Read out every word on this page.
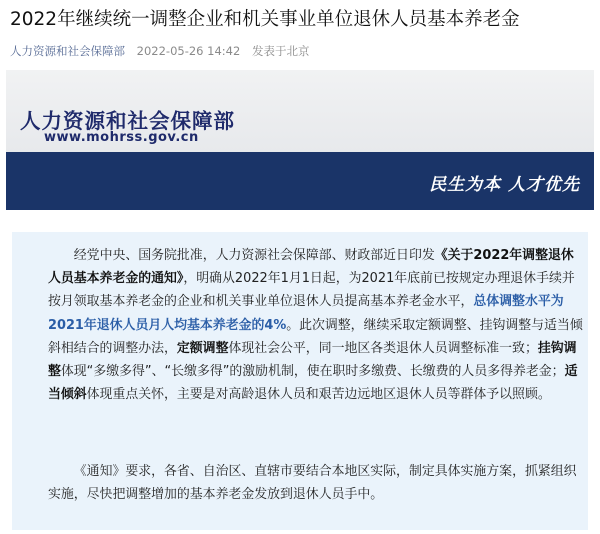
2022年继续统一调整企业和机关事业单位退休人员基本养老金
人力资源和社会保障部 2022-05-26 14:42 发表于北京
人力资源和社会保障部
www.mohrss.gov.cn
民生为本 人才优先
经党中央、国务院批准，人力资源社会保障部、财政部近日印发《关于2022年调整退休人员基本养老金的通知》，明确从2022年1月1日起，为2021年底前已按规定办理退休手续并按月领取基本养老金的企业和机关事业单位退休人员提高基本养老金水平，总体调整水平为2021年退休人员月人均基本养老金的4%。此次调整，继续采取定额调整、挂钩调整与适当倾斜相结合的调整办法，定额调整体现社会公平，同一地区各类退休人员调整标准一致；挂钩调整体现“多缴多得”、“长缴多得”的激励机制，使在职时多缴费、长缴费的人员多得养老金；适当倾斜体现重点关怀，主要是对高龄退休人员和艰苦边远地区退休人员等群体予以照顾。
《通知》要求，各省、自治区、直辖市要结合本地区实际，制定具体实施方案，抓紧组织实施，尽快把调整增加的基本养老金发放到退休人员手中。
